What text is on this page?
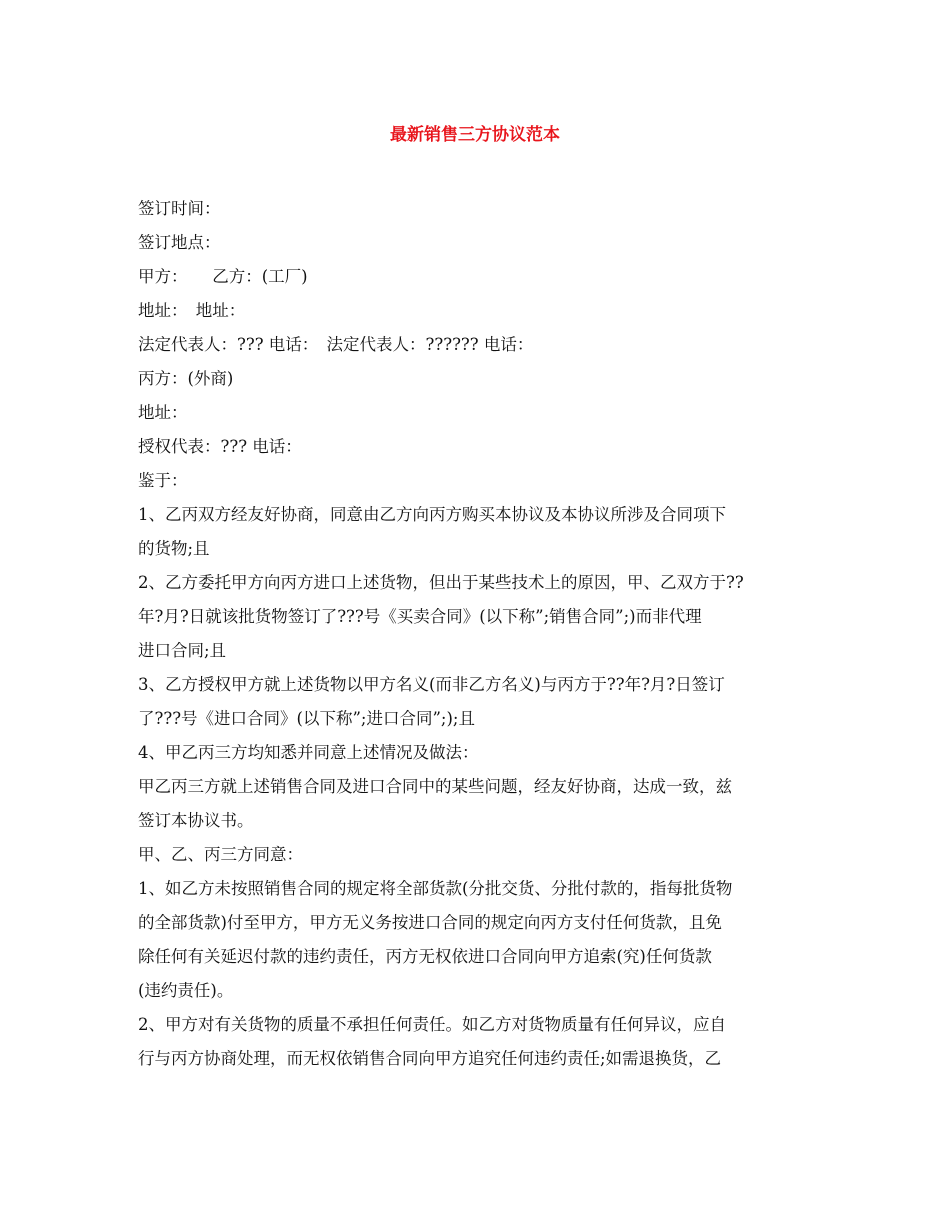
最新销售三方协议范本
签订时间：
签订地点：
甲方：　　乙方：(工厂)
地址：　地址：
法定代表人：??? 电话：　法定代表人：?????? 电话：
丙方：(外商)
地址：
授权代表：??? 电话：
鉴于：
1、乙丙双方经友好协商，同意由乙方向丙方购买本协议及本协议所涉及合同项下
的货物;且
2、乙方委托甲方向丙方进口上述货物，但出于某些技术上的原因，甲、乙双方于??
年?月?日就该批货物签订了???号《买卖合同》(以下称”;销售合同”;)而非代理
进口合同;且
3、乙方授权甲方就上述货物以甲方名义(而非乙方名义)与丙方于??年?月?日签订
了???号《进口合同》(以下称”;进口合同”;);且
4、甲乙丙三方均知悉并同意上述情况及做法：
甲乙丙三方就上述销售合同及进口合同中的某些问题，经友好协商，达成一致，兹
签订本协议书。
甲、乙、丙三方同意：
1、如乙方未按照销售合同的规定将全部货款(分批交货、分批付款的，指每批货物
的全部货款)付至甲方，甲方无义务按进口合同的规定向丙方支付任何货款，且免
除任何有关延迟付款的违约责任，丙方无权依进口合同向甲方追索(究)任何货款
(违约责任)。
2、甲方对有关货物的质量不承担任何责任。如乙方对货物质量有任何异议，应自
行与丙方协商处理，而无权依销售合同向甲方追究任何违约责任;如需退换货，乙
